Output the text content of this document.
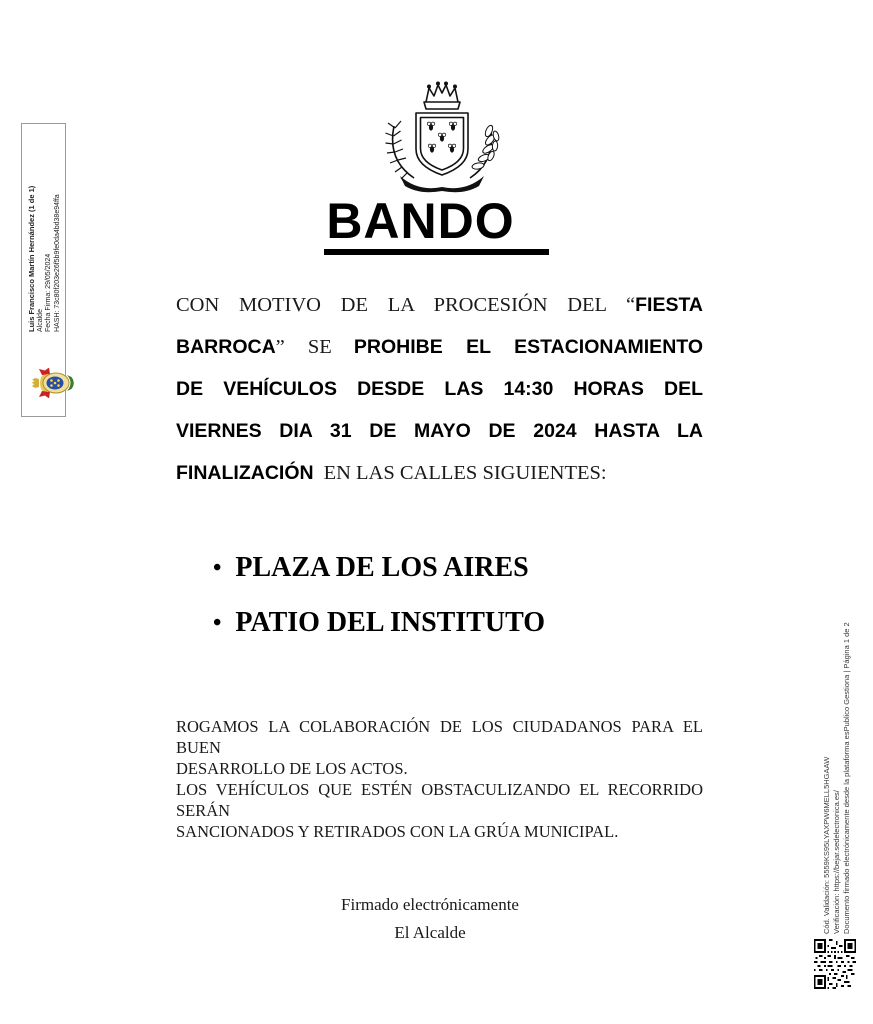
BANDO
CON MOTIVO DE LA PROCESIÓN DEL “FIESTA
BARROCA” SE PROHIBE EL ESTACIONAMIENTO
DE VEHÍCULOS DESDE LAS 14:30 HORAS DEL
VIERNES DIA 31 DE MAYO DE 2024 HASTA LA
FINALIZACIÓN EN LAS CALLES SIGUIENTES:
• PLAZA DE LOS AIRES
• PATIO DEL INSTITUTO
ROGAMOS LA COLABORACIÓN DE LOS CIUDADANOS PARA EL BUEN
DESARROLLO DE LOS ACTOS.
LOS VEHÍCULOS QUE ESTÉN OBSTACULIZANDO EL RECORRIDO SERÁN
SANCIONADOS Y RETIRADOS CON LA GRÚA MUNICIPAL.
Firmado electrónicamente
El Alcalde
Luis Francisco Martín Hernández (1 de 1) Alcalde Fecha Firma: 29/05/2024 HASH: 73c80f203e26f5b9fe0da4bd38e94ffa
Cód. Validación: 5559KS95LYAXPW6MELL5HGAAW Verificación: https://bejar.sedelectronica.es/ Documento firmado electrónicamente desde la plataforma esPublico Gestiona | Página 1 de 2
